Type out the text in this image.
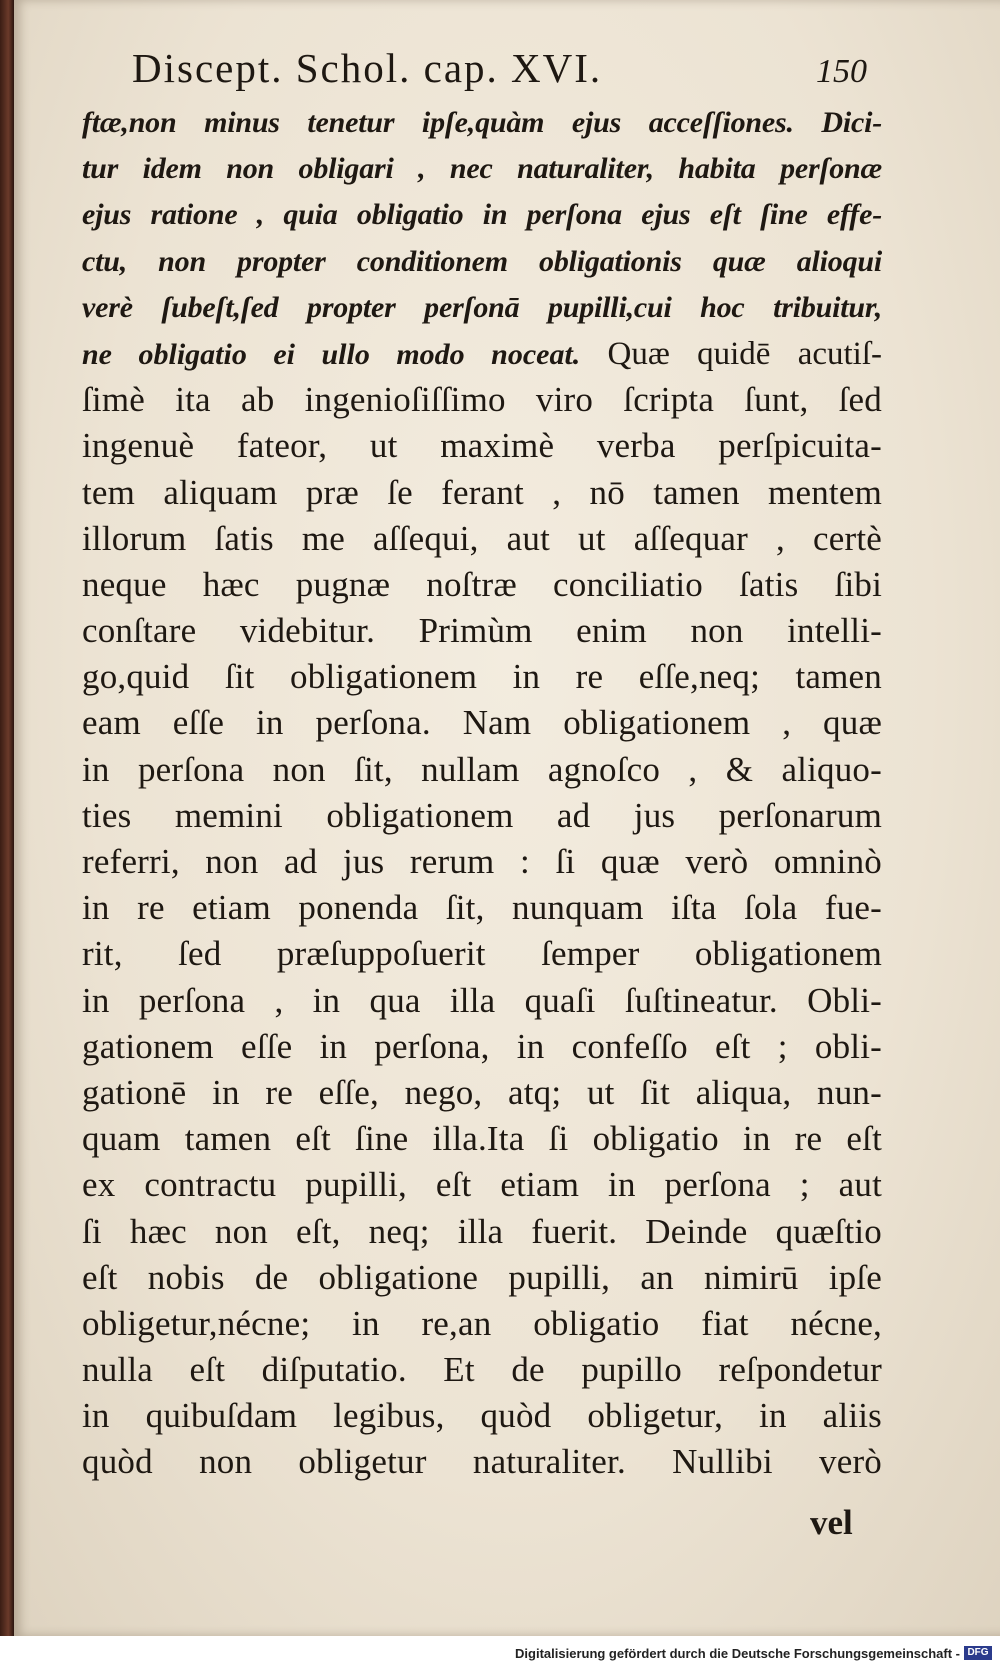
Discept. Schol. cap. XVI.	150
ftæ,non minus tenetur ipſe,quàm ejus acceſſiones. Dici-
tur idem non obligari , nec naturaliter, habita perſonæ
ejus ratione , quia obligatio in perſona ejus eſt ſine effe-
ctu, non propter conditionem obligationis quæ alioqui
verè ſubeſt,ſed propter perſonā pupilli,cui hoc tribuitur,
ne obligatio ei ullo modo noceat. Quæ quidē acutiſ-
ſimè ita ab ingenioſiſſimo viro ſcripta ſunt, ſed
ingenuè fateor, ut maximè verba perſpicuita-
tem aliquam præ ſe ferant , nō tamen mentem
illorum ſatis me aſſequi, aut ut aſſequar , certè
neque hæc pugnæ noſtræ conciliatio ſatis ſibi
conſtare videbitur. Primùm enim non intelli-
go,quid ſit obligationem in re eſſe,neq; tamen
eam eſſe in perſona. Nam obligationem , quæ
in perſona non ſit, nullam agnoſco , & aliquo-
ties memini obligationem ad jus perſonarum
referri, non ad jus rerum : ſi quæ verò omninò
in re etiam ponenda ſit, nunquam iſta ſola fue-
rit, ſed præſuppoſuerit ſemper obligationem
in perſona , in qua illa quaſi ſuſtineatur. Obli-
gationem eſſe in perſona, in confeſſo eſt ; obli-
gationē in re eſſe, nego, atq; ut ſit aliqua, nun-
quam tamen eſt ſine illa.Ita ſi obligatio in re eſt
ex contractu pupilli, eſt etiam in perſona ; aut
ſi hæc non eſt, neq; illa fuerit. Deinde quæſtio
eſt nobis de obligatione pupilli, an nimirū ipſe
obligetur,nécne; in re,an obligatio fiat nécne,
nulla eſt diſputatio. Et de pupillo reſpondetur
in quibuſdam legibus, quòd obligetur, in aliis
quòd non obligetur naturaliter. Nullibi verò
vel
Digitalisierung gefördert durch die Deutsche Forschungsgemeinschaft - DFG
